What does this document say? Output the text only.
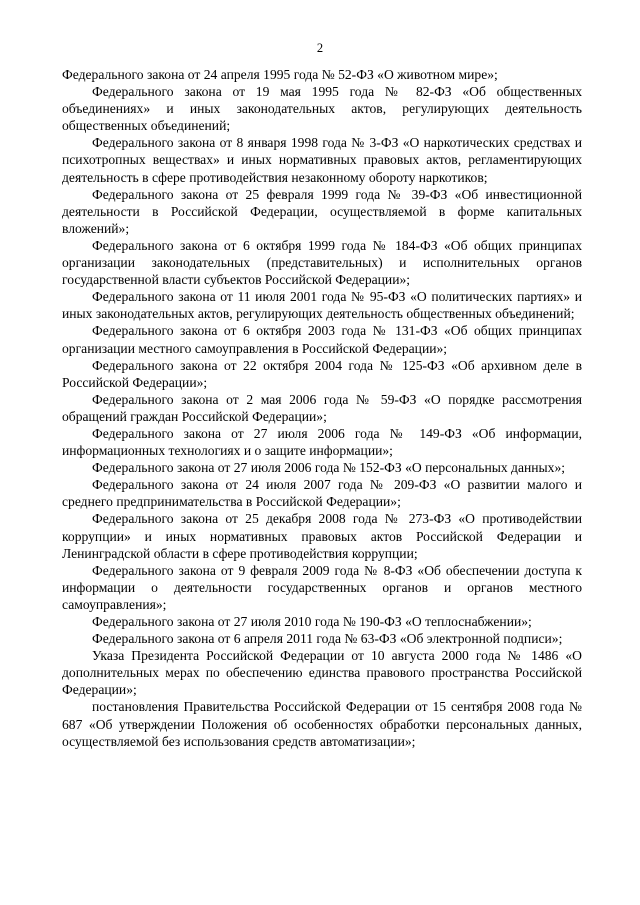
2

Федерального закона от 24 апреля 1995 года № 52-ФЗ «О животном мире»;

Федерального закона от 19 мая 1995 года № 82-ФЗ «Об общественных объединениях» и иных законодательных актов, регулирующих деятельность общественных объединений;

Федерального закона от 8 января 1998 года № 3-ФЗ «О наркотических средствах и психотропных веществах» и иных нормативных правовых актов, регламентирующих деятельность в сфере противодействия незаконному обороту наркотиков;

Федерального закона от 25 февраля 1999 года № 39-ФЗ «Об инвестиционной деятельности в Российской Федерации, осуществляемой в форме капитальных вложений»;

Федерального закона от 6 октября 1999 года № 184-ФЗ «Об общих принципах организации законодательных (представительных) и исполнительных органов государственной власти субъектов Российской Федерации»;

Федерального закона от 11 июля 2001 года № 95-ФЗ «О политических партиях» и иных законодательных актов, регулирующих деятельность общественных объединений;

Федерального закона от 6 октября 2003 года № 131-ФЗ «Об общих принципах организации местного самоуправления в Российской Федерации»;

Федерального закона от 22 октября 2004 года № 125-ФЗ «Об архивном деле в Российской Федерации»;

Федерального закона от 2 мая 2006 года № 59-ФЗ «О порядке рассмотрения обращений граждан Российской Федерации»;

Федерального закона от 27 июля 2006 года № 149-ФЗ «Об информации, информационных технологиях и о защите информации»;

Федерального закона от 27 июля 2006 года № 152-ФЗ «О персональных данных»;

Федерального закона от 24 июля 2007 года № 209-ФЗ «О развитии малого и среднего предпринимательства в Российской Федерации»;

Федерального закона от 25 декабря 2008 года № 273-ФЗ «О противодействии коррупции» и иных нормативных правовых актов Российской Федерации и Ленинградской области в сфере противодействия коррупции;

Федерального закона от 9 февраля 2009 года № 8-ФЗ «Об обеспечении доступа к информации о деятельности государственных органов и органов местного самоуправления»;

Федерального закона от 27 июля 2010 года № 190-ФЗ «О теплоснабжении»;

Федерального закона от 6 апреля 2011 года № 63-ФЗ «Об электронной подписи»;

Указа Президента Российской Федерации от 10 августа 2000 года № 1486 «О дополнительных мерах по обеспечению единства правового пространства Российской Федерации»;

постановления Правительства Российской Федерации от 15 сентября 2008 года № 687 «Об утверждении Положения об особенностях обработки персональных данных, осуществляемой без использования средств автоматизации»;
